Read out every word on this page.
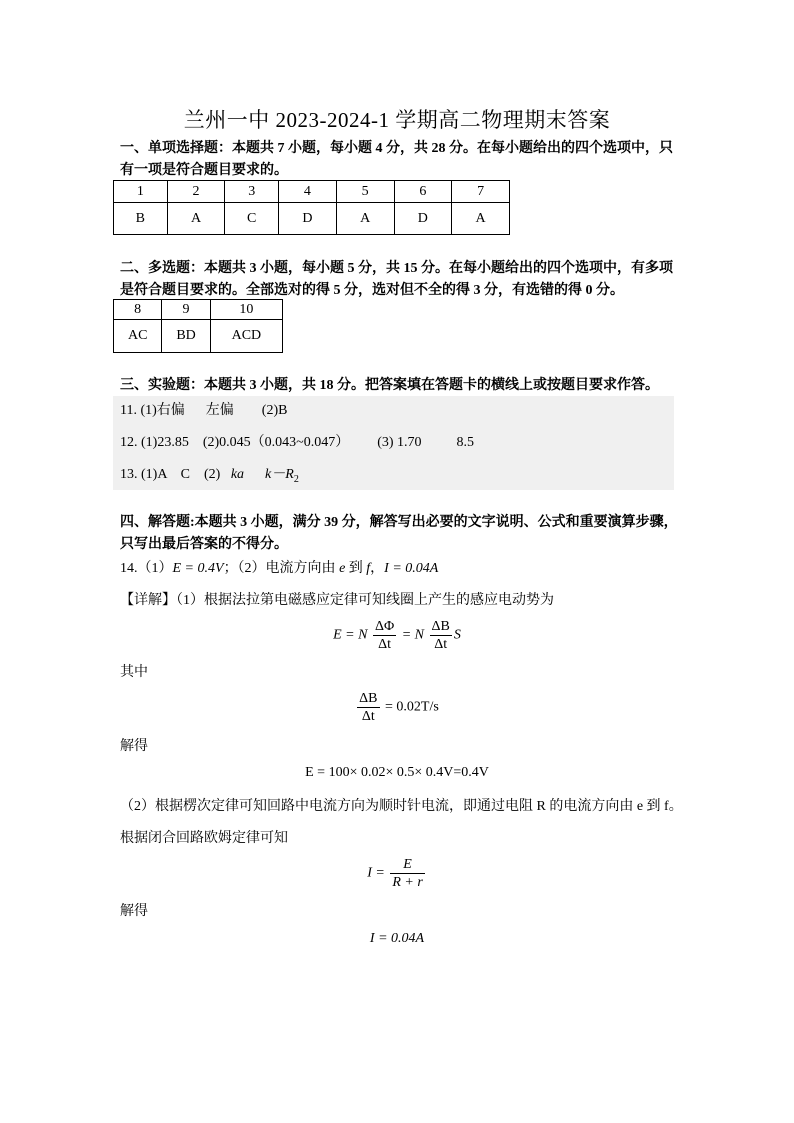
兰州一中 2023-2024-1 学期高二物理期末答案
一、单项选择题：本题共 7 小题，每小题 4 分，共 28 分。在每小题给出的四个选项中，只有一项是符合题目要求的。
1	2	3	4	5	6	7
B	A	C	D	A	D	A
二、多选题：本题共 3 小题，每小题 5 分，共 15 分。在每小题给出的四个选项中，有多项是符合题目要求的。全部选对的得 5 分，选对但不全的得 3 分，有选错的得 0 分。
8	9	10
AC	BD	ACD
三、实验题：本题共 3 小题，共 18 分。把答案填在答题卡的横线上或按题目要求作答。
11. (1)右偏      左偏        (2)B
12. (1)23.85    (2)0.045（0.043~0.047）        (3) 1.70          8.5
13. (1)A    C    (2)   ka $k-R_2$
四、解答题:本题共 3 小题，满分 39 分，解答写出必要的文字说明、公式和重要演算步骤，只写出最后答案的不得分。
14.（1）E = 0.4V；（2）电流方向由 e 到 f，I = 0.04A
【详解】（1）根据法拉第电磁感应定律可知线圈上产生的感应电动势为
E = N $\frac{\Delta\Phi}{\Delta t} = N \frac{\Delta B}{\Delta t}$ S
其中
$\frac{\Delta B}{\Delta t} = 0.02T/s$
解得
E = 100× 0.02× 0.5× 0.4V=0.4V
（2）根据楞次定律可知回路中电流方向为顺时针电流，即通过电阻 R 的电流方向由 e 到 f。
根据闭合回路欧姆定律可知
$I = \frac{E}{R + r}$
解得
I = 0.04A
